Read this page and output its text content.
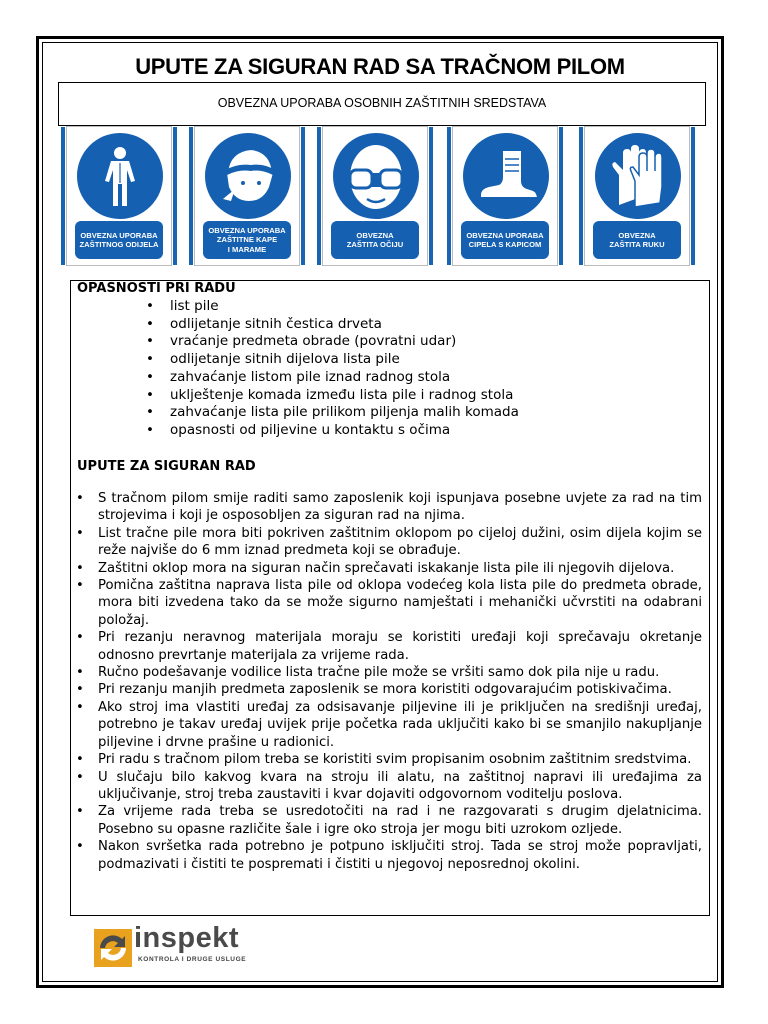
UPUTE ZA SIGURAN RAD SA TRAČNOM PILOM
OBVEZNA UPORABA OSOBNIH ZAŠTITNIH SREDSTAVA
OBVEZNA UPORABA
ZAŠTITNOG ODIJELA
OBVEZNA UPORABA
ZAŠTITNE KAPE
I MARAME
OBVEZNA
ZAŠTITA OČIJU
OBVEZNA UPORABA
CIPELA S KAPICOM
OBVEZNA
ZAŠTITA RUKU
OPASNOSTI PRI RADU
• list pile
• odlijetanje sitnih čestica drveta
• vraćanje predmeta obrade (povratni udar)
• odlijetanje sitnih dijelova lista pile
• zahvaćanje listom pile iznad radnog stola
• uklještenje komada između lista pile i radnog stola
• zahvaćanje lista pile prilikom piljenja malih komada
• opasnosti od piljevine u kontaktu s očima
UPUTE ZA SIGURAN RAD
• S tračnom pilom smije raditi samo zaposlenik koji ispunjava posebne uvjete za rad na tim strojevima i koji je osposobljen za siguran rad na njima.
• List tračne pile mora biti pokriven zaštitnim oklopom po cijeloj dužini, osim dijela kojim se reže najviše do 6 mm iznad predmeta koji se obrađuje.
• Zaštitni oklop mora na siguran način sprečavati iskakanje lista pile ili njegovih dijelova.
• Pomična zaštitna naprava lista pile od oklopa vodećeg kola lista pile do predmeta obrade, mora biti izvedena tako da se može sigurno namještati i mehanički učvrstiti na odabrani položaj.
• Pri rezanju neravnog materijala moraju se koristiti uređaji koji sprečavaju okretanje odnosno prevrtanje materijala za vrijeme rada.
• Ručno podešavanje vodilice lista tračne pile može se vršiti samo dok pila nije u radu.
• Pri rezanju manjih predmeta zaposlenik se mora koristiti odgovarajućim potiskivačima.
• Ako stroj ima vlastiti uređaj za odsisavanje piljevine ili je priključen na središnji uređaj, potrebno je takav uređaj uvijek prije početka rada uključiti kako bi se smanjilo nakupljanje piljevine i drvne prašine u radionici.
• Pri radu s tračnom pilom treba se koristiti svim propisanim osobnim zaštitnim sredstvima.
• U slučaju bilo kakvog kvara na stroju ili alatu, na zaštitnoj napravi ili uređajima za uključivanje, stroj treba zaustaviti i kvar dojaviti odgovornom voditelju poslova.
• Za vrijeme rada treba se usredotočiti na rad i ne razgovarati s drugim djelatnicima. Posebno su opasne različite šale i igre oko stroja jer mogu biti uzrokom ozljede.
• Nakon svršetka rada potrebno je potpuno isključiti stroj. Tada se stroj može popravljati, podmazivati i čistiti te pospremati i čistiti u njegovoj neposrednoj okolini.
inspekt
KONTROLA I DRUGE USLUGE
